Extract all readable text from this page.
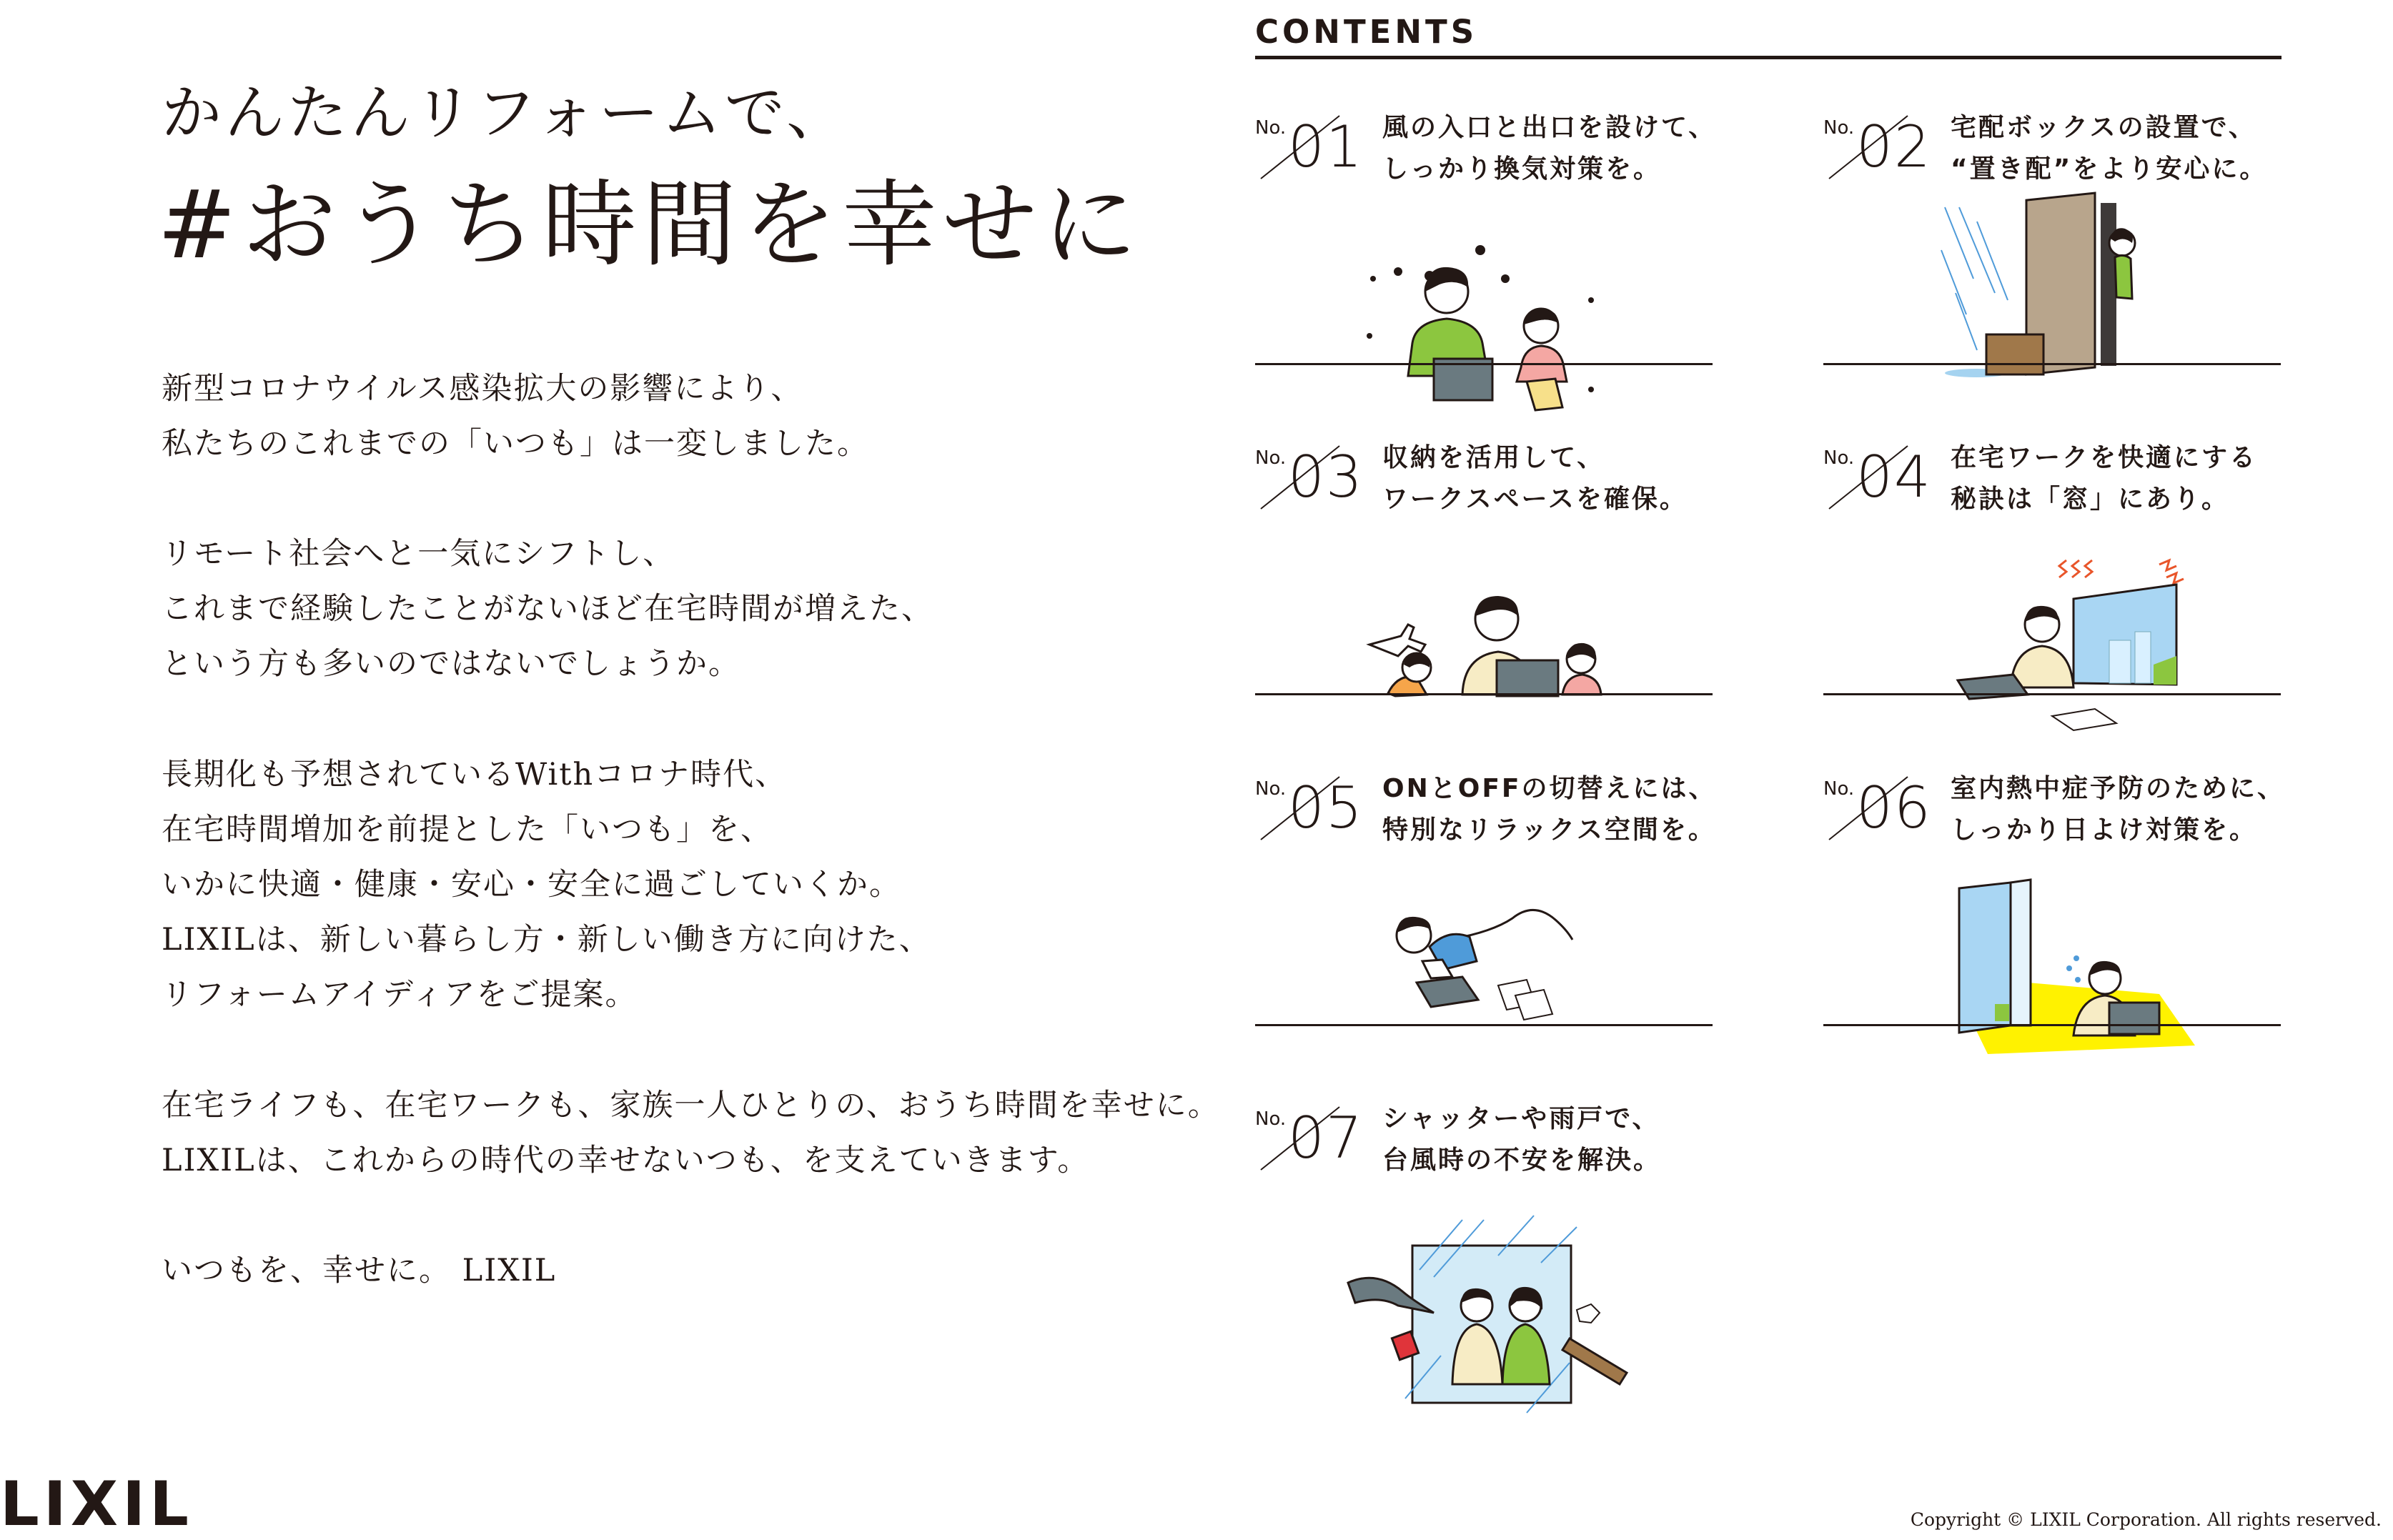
かんたんリフォームで、
#おうち時間を幸せに
新型コロナウイルス感染拡大の影響により、
私たちのこれまでの「いつも」は一変しました。
リモート社会へと一気にシフトし、
これまで経験したことがないほど在宅時間が増えた、
という方も多いのではないでしょうか。
長期化も予想されているWithコロナ時代、
在宅時間増加を前提とした「いつも」を、
いかに快適・健康・安心・安全に過ごしていくか。
LIXILは、新しい暮らし方・新しい働き方に向けた、
リフォームアイディアをご提案。
在宅ライフも、在宅ワークも、家族一人ひとりの、おうち時間を幸せに。
LIXILは、これからの時代の幸せないつも、を支えていきます。
いつもを、幸せに。 LIXIL
LIXIL	Copyright © LIXIL Corporation. All rights reserved.
CONTENTS
No. 01 風の入口と出口を設けて、
しっかり換気対策を。
No. 02 宅配ボックスの設置で、
“置き配”をより安心に。
No. 03 収納を活用して、
ワークスペースを確保。
No. 04 在宅ワークを快適にする
秘訣は「窓」にあり。
No. 05 ONとOFFの切替えには、
特別なリラックス空間を。
No. 06 室内熱中症予防のために、
しっかり日よけ対策を。
No. 07 シャッターや雨戸で、
台風時の不安を解決。
